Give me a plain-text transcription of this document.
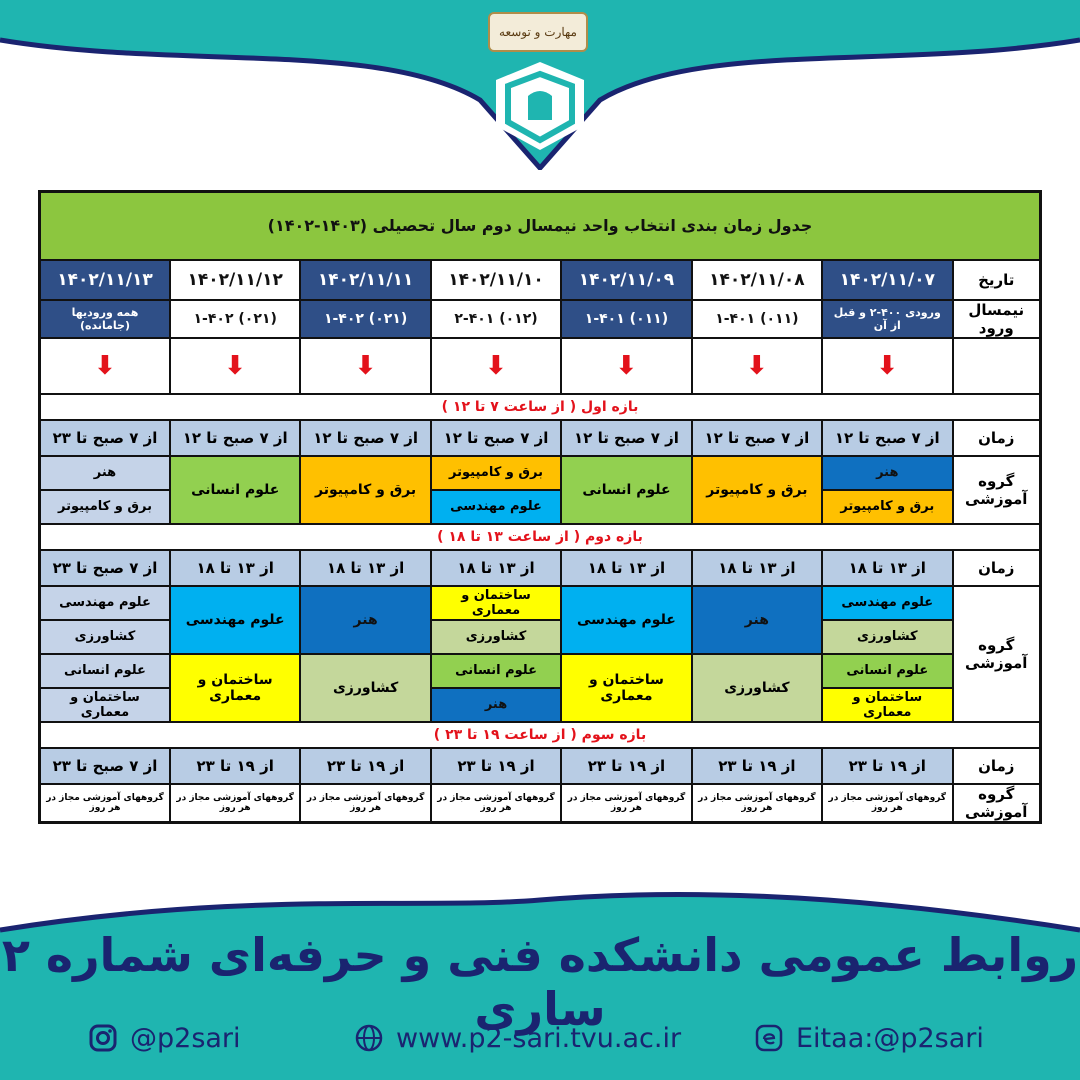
مهارت و توسعه
جدول زمان بندی انتخاب واحد نیمسال دوم سال تحصیلی (۱۴۰۳-۱۴۰۲)							
تاریخ	۱۴۰۲/۱۱/۰۷	۱۴۰۲/۱۱/۰۸	۱۴۰۲/۱۱/۰۹	۱۴۰۲/۱۱/۱۰	۱۴۰۲/۱۱/۱۱	۱۴۰۲/۱۱/۱۲	۱۴۰۲/۱۱/۱۳
نیمسال ورود	ورودی ۴۰۰-۲ و قبل از آن	(۰۱۱) ۱-۴۰۱	(۰۱۱) ۱-۴۰۱	(۰۱۲) ۲-۴۰۱	(۰۲۱) ۱-۴۰۲	(۰۲۱) ۱-۴۰۲	همه ورودیها (جامانده)
	⬇	⬇	⬇	⬇	⬇	⬇	⬇
بازه اول ( از ساعت ۷ تا ۱۲ )							
زمان	از ۷ صبح تا ۱۲	از ۷ صبح تا ۱۲	از ۷ صبح تا ۱۲	از ۷ صبح تا ۱۲	از ۷ صبح تا ۱۲	از ۷ صبح تا ۱۲	از ۷ صبح تا ۲۳
گروه آموزشی	هنر	برق و کامپیوتر	علوم انسانی	برق و کامپیوتر	برق و کامپیوتر	علوم انسانی	هنر
	برق و کامپیوتر			علوم مهندسی			برق و کامپیوتر
بازه دوم ( از ساعت ۱۳ تا ۱۸ )							
زمان	از ۱۳ تا ۱۸	از ۱۳ تا ۱۸	از ۱۳ تا ۱۸	از ۱۳ تا ۱۸	از ۱۳ تا ۱۸	از ۱۳ تا ۱۸	از ۷ صبح تا ۲۳
گروه آموزشی	علوم مهندسی	هنر	علوم مهندسی	ساختمان و معماری	هنر	علوم مهندسی	علوم مهندسی
	کشاورزی			کشاورزی			کشاورزی
	علوم انسانی	کشاورزی	ساختمان و معماری	علوم انسانی	کشاورزی	ساختمان و معماری	علوم انسانی
	ساختمان و معماری			هنر			ساختمان و معماری
بازه سوم ( از ساعت ۱۹ تا ۲۳ )							
زمان	از ۱۹ تا ۲۳	از ۱۹ تا ۲۳	از ۱۹ تا ۲۳	از ۱۹ تا ۲۳	از ۱۹ تا ۲۳	از ۱۹ تا ۲۳	از ۷ صبح تا ۲۳
گروه آموزشی	گروههای آموزشی مجاز در هر روز	گروههای آموزشی مجاز در هر روز	گروههای آموزشی مجاز در هر روز	گروههای آموزشی مجاز در هر روز	گروههای آموزشی مجاز در هر روز	گروههای آموزشی مجاز در هر روز	گروههای آموزشی مجاز در هر روز
روابط عمومی دانشکده فنی و حرفه‌ای شماره ۲ ساری
@p2sari	www.p2-sari.tvu.ac.ir	Eitaa:@p2sari
